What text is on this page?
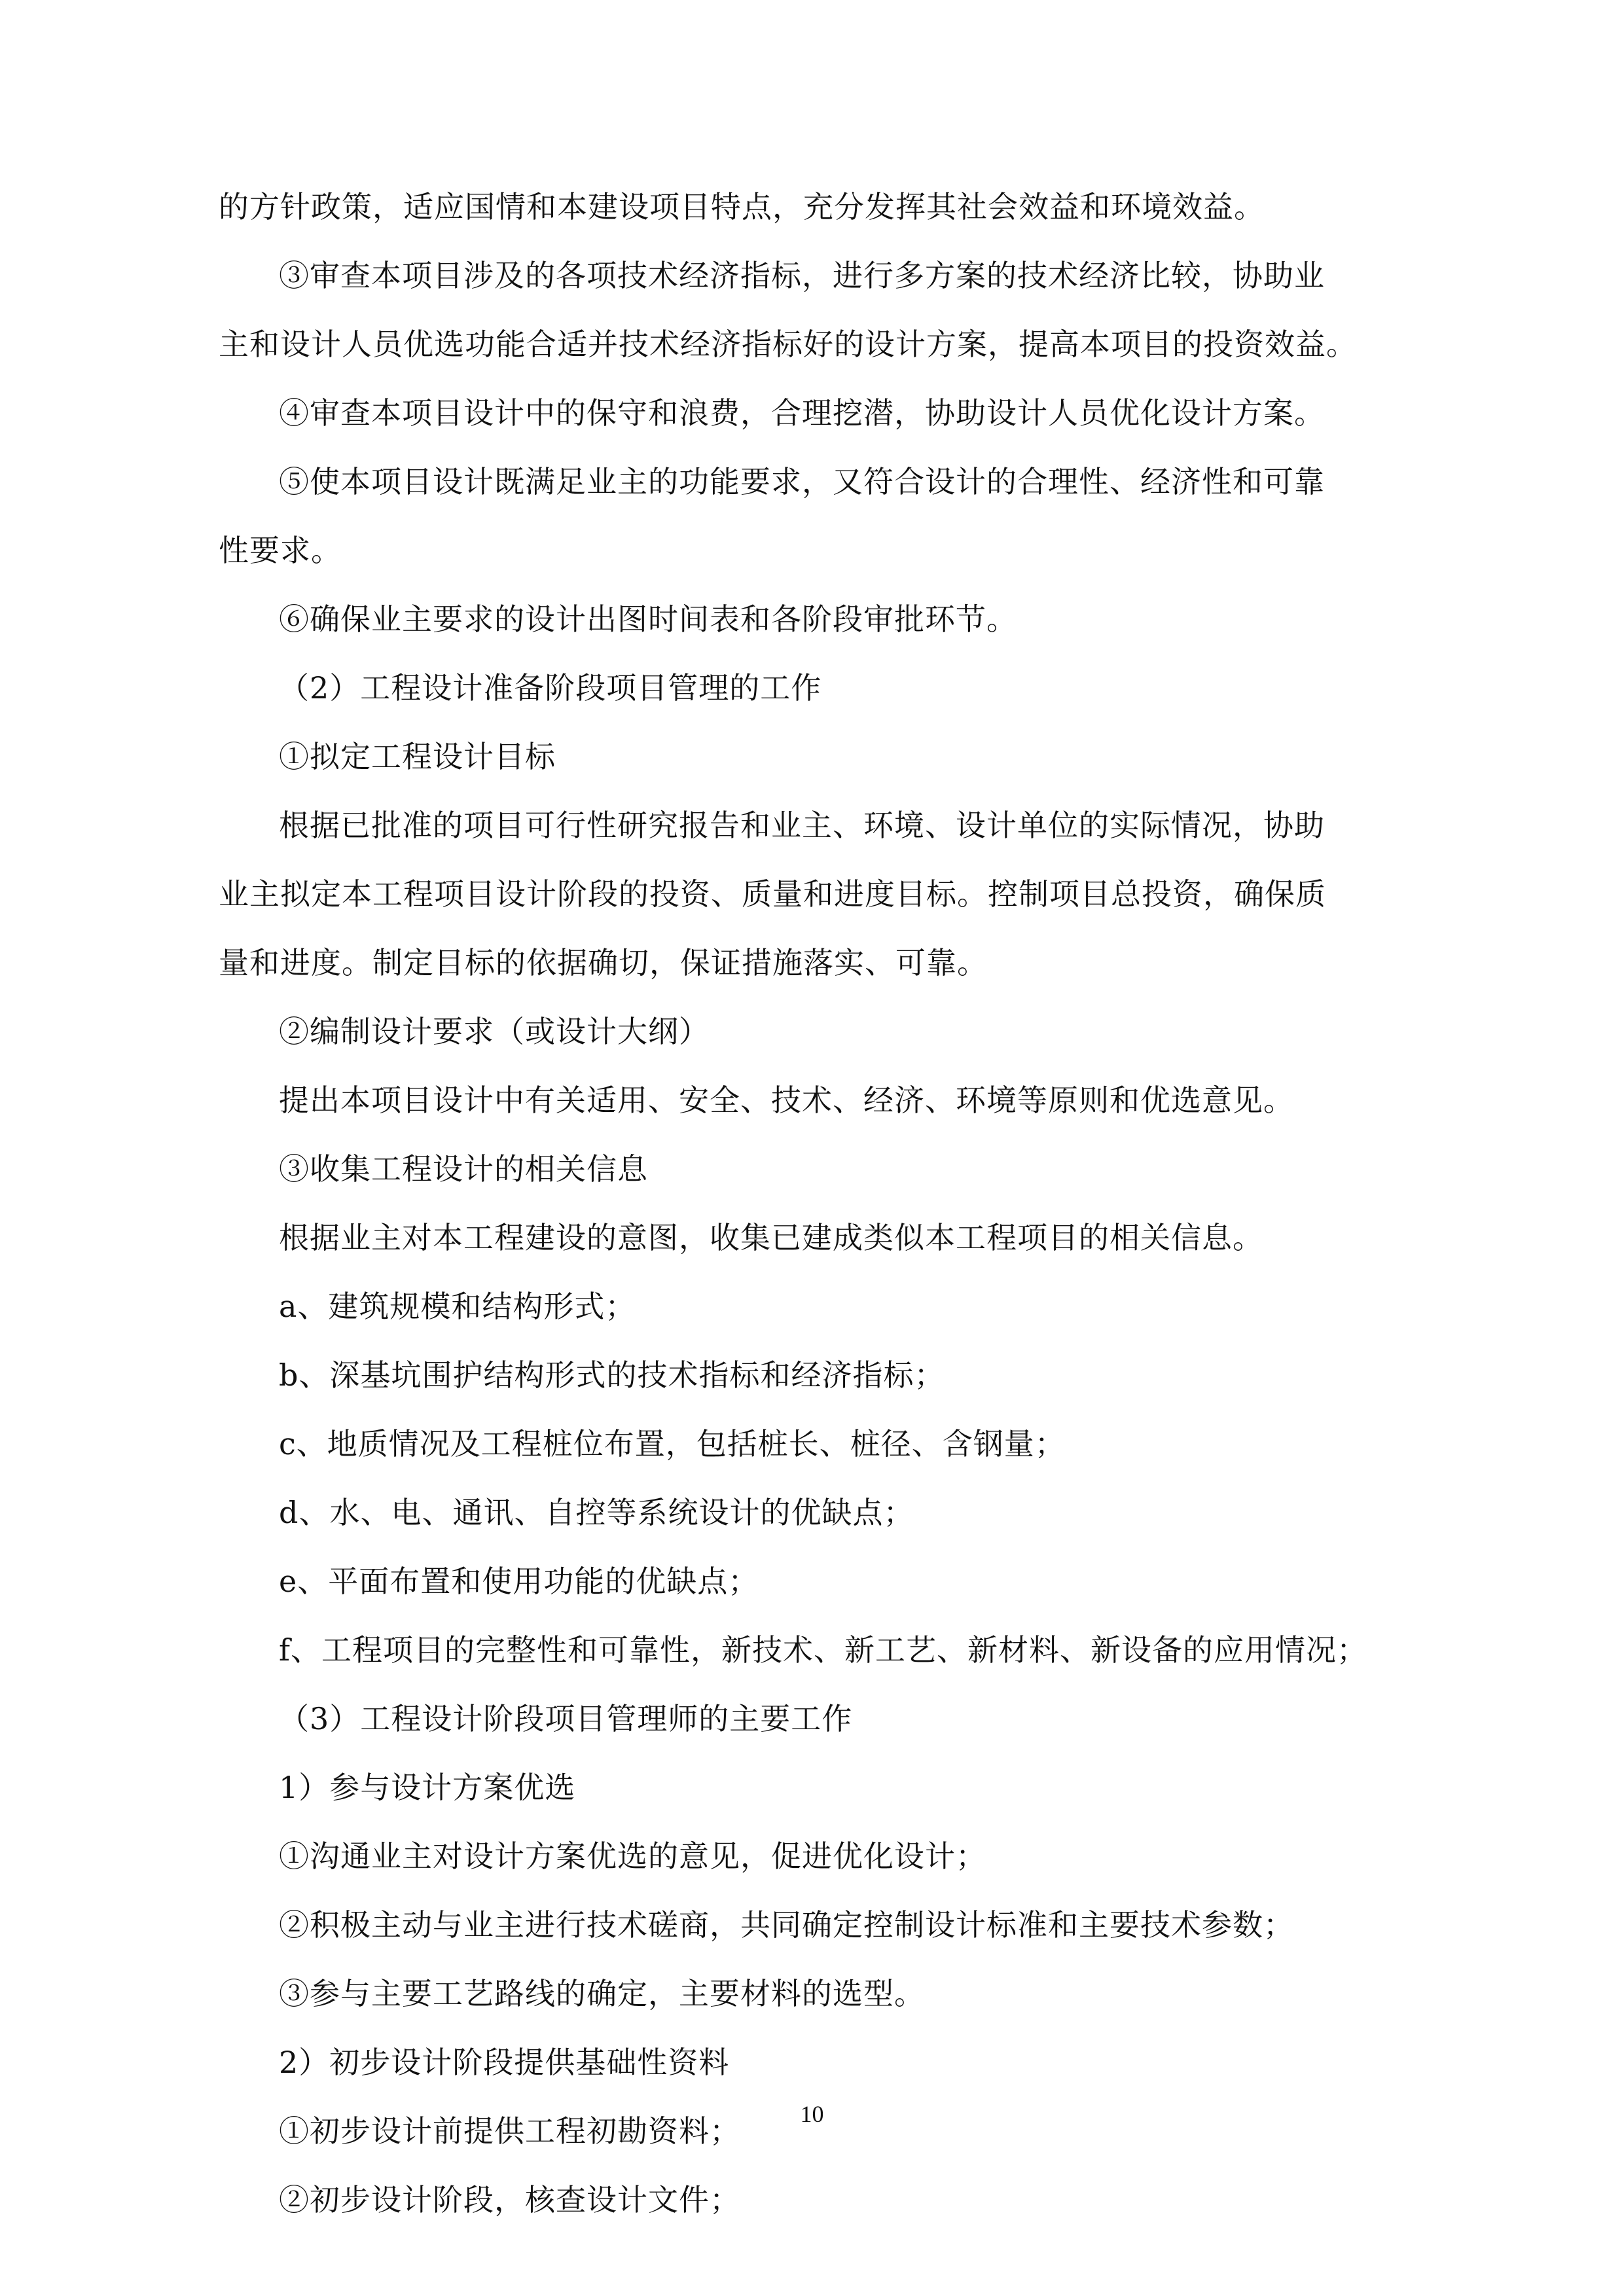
的方针政策，适应国情和本建设项目特点，充分发挥其社会效益和环境效益。
③审查本项目涉及的各项技术经济指标，进行多方案的技术经济比较，协助业
主和设计人员优选功能合适并技术经济指标好的设计方案，提高本项目的投资效益。
④审查本项目设计中的保守和浪费，合理挖潜，协助设计人员优化设计方案。
⑤使本项目设计既满足业主的功能要求，又符合设计的合理性、经济性和可靠
性要求。
⑥确保业主要求的设计出图时间表和各阶段审批环节。
（2）工程设计准备阶段项目管理的工作
①拟定工程设计目标
根据已批准的项目可行性研究报告和业主、环境、设计单位的实际情况，协助
业主拟定本工程项目设计阶段的投资、质量和进度目标。控制项目总投资，确保质
量和进度。制定目标的依据确切，保证措施落实、可靠。
②编制设计要求（或设计大纲）
提出本项目设计中有关适用、安全、技术、经济、环境等原则和优选意见。
③收集工程设计的相关信息
根据业主对本工程建设的意图，收集已建成类似本工程项目的相关信息。
a、建筑规模和结构形式；
b、深基坑围护结构形式的技术指标和经济指标；
c、地质情况及工程桩位布置，包括桩长、桩径、含钢量；
d、水、电、通讯、自控等系统设计的优缺点；
e、平面布置和使用功能的优缺点；
f、工程项目的完整性和可靠性，新技术、新工艺、新材料、新设备的应用情况；
（3）工程设计阶段项目管理师的主要工作
1）参与设计方案优选
①沟通业主对设计方案优选的意见，促进优化设计；
②积极主动与业主进行技术磋商，共同确定控制设计标准和主要技术参数；
③参与主要工艺路线的确定，主要材料的选型。
2）初步设计阶段提供基础性资料
①初步设计前提供工程初勘资料；
②初步设计阶段，核查设计文件；
10
